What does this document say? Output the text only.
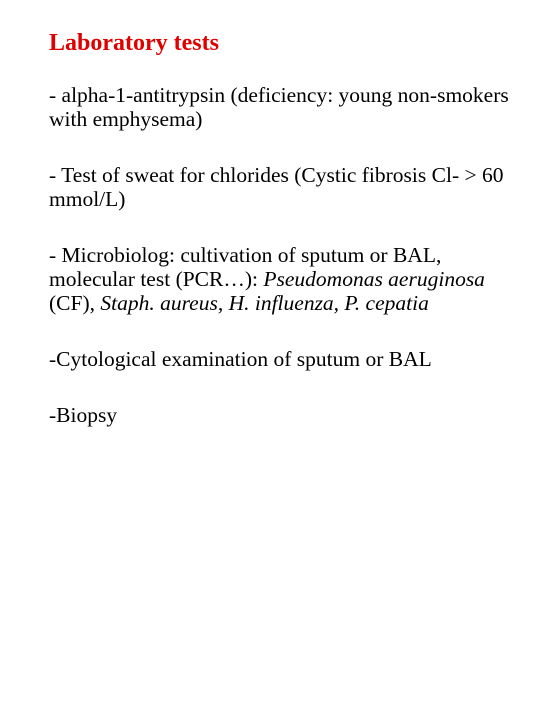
Laboratory tests
- alpha-1-antitrypsin (deficiency: young non-smokers with emphysema)
- Test of sweat for chlorides (Cystic fibrosis Cl- > 60 mmol/L)
- Microbiolog: cultivation of sputum or BAL, molecular test (PCR…): Pseudomonas aeruginosa (CF), Staph. aureus, H. influenza, P. cepatia
-Cytological examination of sputum or BAL
-Biopsy
